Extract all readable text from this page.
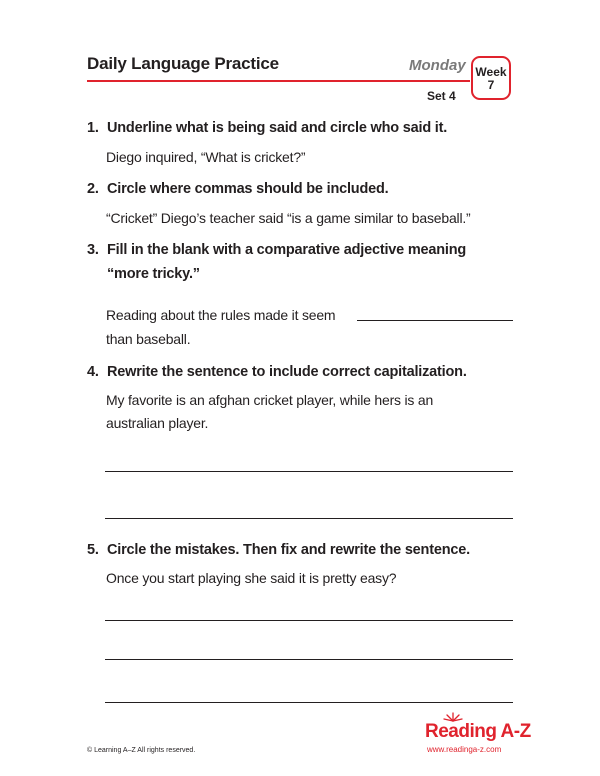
Daily Language Practice	Monday Week
7
Set 4
1. Underline what is being said and circle who said it.
Diego inquired, “What is cricket?”
2. Circle where commas should be included.
“Cricket” Diego’s teacher said “is a game similar to baseball.”
3. Fill in the blank with a comparative adjective meaning
“more tricky.”
Reading about the rules made it seem
than baseball.
4. Rewrite the sentence to include correct capitalization.
My favorite is an afghan cricket player, while hers is an
australian player.
5. Circle the mistakes. Then fix and rewrite the sentence.
Once you start playing she said it is pretty easy?
© Learning A–Z All rights reserved.
Reading A-Z
www.readinga-z.com
